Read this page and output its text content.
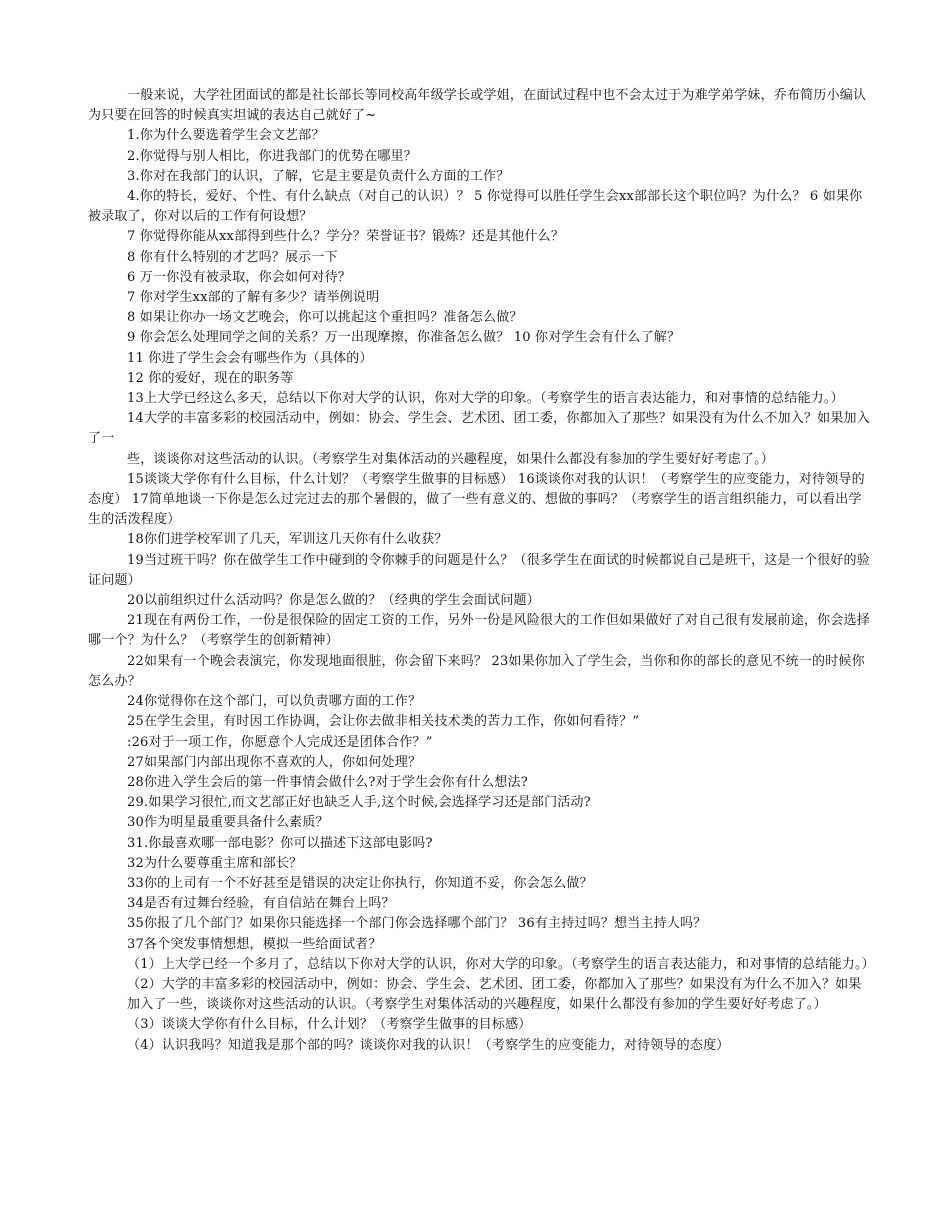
一般来说，大学社团面试的都是社长部长等同校高年级学长或学姐，在面试过程中也不会太过于为难学弟学妹，乔布简历小编认为只要在回答的时候真实坦诚的表达自己就好了~

1.你为什么要选着学生会文艺部？

2.你觉得与别人相比，你进我部门的优势在哪里？

3.你对在我部门的认识，了解，它是主要是负责什么方面的工作？

4.你的特长，爱好、个性、有什么缺点（对自己的认识）？ 5 你觉得可以胜任学生会xx部部长这个职位吗？为什么？ 6 如果你被录取了，你对以后的工作有何设想？

7 你觉得你能从xx部得到些什么？学分？荣誉证书？锻炼？还是其他什么？

8 你有什么特别的才艺吗？展示一下

6 万一你没有被录取，你会如何对待？

7 你对学生xx部的了解有多少？请举例说明

8 如果让你办一场文艺晚会，你可以挑起这个重担吗？准备怎么做？

9 你会怎么处理同学之间的关系？万一出现摩擦，你准备怎么做？ 10 你对学生会有什么了解？

11 你进了学生会会有哪些作为（具体的）

12 你的爱好，现在的职务等

13上大学已经这么多天，总结以下你对大学的认识，你对大学的印象。（考察学生的语言表达能力，和对事情的总结能力。）

14大学的丰富多彩的校园活动中，例如：协会、学生会、艺术团、团工委，你都加入了那些？如果没有为什么不加入？如果加入了一

些，谈谈你对这些活动的认识。（考察学生对集体活动的兴趣程度，如果什么都没有参加的学生要好好考虑了。）

15谈谈大学你有什么目标，什么计划？（考察学生做事的目标感） 16谈谈你对我的认识！（考察学生的应变能力，对待领导的态度） 17简单地谈一下你是怎么过完过去的那个暑假的，做了一些有意义的、想做的事吗？（考察学生的语言组织能力，可以看出学生的活泼程度）

18你们进学校军训了几天，军训这几天你有什么收获？

19当过班干吗？你在做学生工作中碰到的令你棘手的问题是什么？（很多学生在面试的时候都说自己是班干，这是一个很好的验证问题）

20以前组织过什么活动吗？你是怎么做的？（经典的学生会面试问题）

21现在有两份工作，一份是很保险的固定工资的工作，另外一份是风险很大的工作但如果做好了对自己很有发展前途，你会选择哪一个？为什么？（考察学生的创新精神）

22如果有一个晚会表演完，你发现地面很脏，你会留下来吗？ 23如果你加入了学生会，当你和你的部长的意见不统一的时候你怎么办？

24你觉得你在这个部门，可以负责哪方面的工作？

25在学生会里，有时因工作协调，会让你去做非相关技术类的苦力工作，你如何看待？”

:26对于一项工作，你愿意个人完成还是团体合作？”

27如果部门内部出现你不喜欢的人，你如何处理？

28你进入学生会后的第一件事情会做什么?对于学生会你有什么想法?

29.如果学习很忙,而文艺部正好也缺乏人手,这个时候,会选择学习还是部门活动?

30作为明星最重要具备什么素质？

31.你最喜欢哪一部电影？你可以描述下这部电影吗?

32为什么要尊重主席和部长？

33你的上司有一个不好甚至是错误的决定让你执行，你知道不妥，你会怎么做？

34是否有过舞台经验，有自信站在舞台上吗？

35你报了几个部门？如果你只能选择一个部门你会选择哪个部门？ 36有主持过吗？想当主持人吗？

37各个突发事情想想，模拟一些给面试者？

（1）上大学已经一个多月了，总结以下你对大学的认识，你对大学的印象。（考察学生的语言表达能力，和对事情的总结能力。）

（2）大学的丰富多彩的校园活动中，例如：协会、学生会、艺术团、团工委，你都加入了那些？如果没有为什么不加入？如果

加入了一些，谈谈你对这些活动的认识。（考察学生对集体活动的兴趣程度，如果什么都没有参加的学生要好好考虑了。）

（3）谈谈大学你有什么目标，什么计划？（考察学生做事的目标感）

（4）认识我吗？知道我是那个部的吗？谈谈你对我的认识！（考察学生的应变能力，对待领导的态度）
